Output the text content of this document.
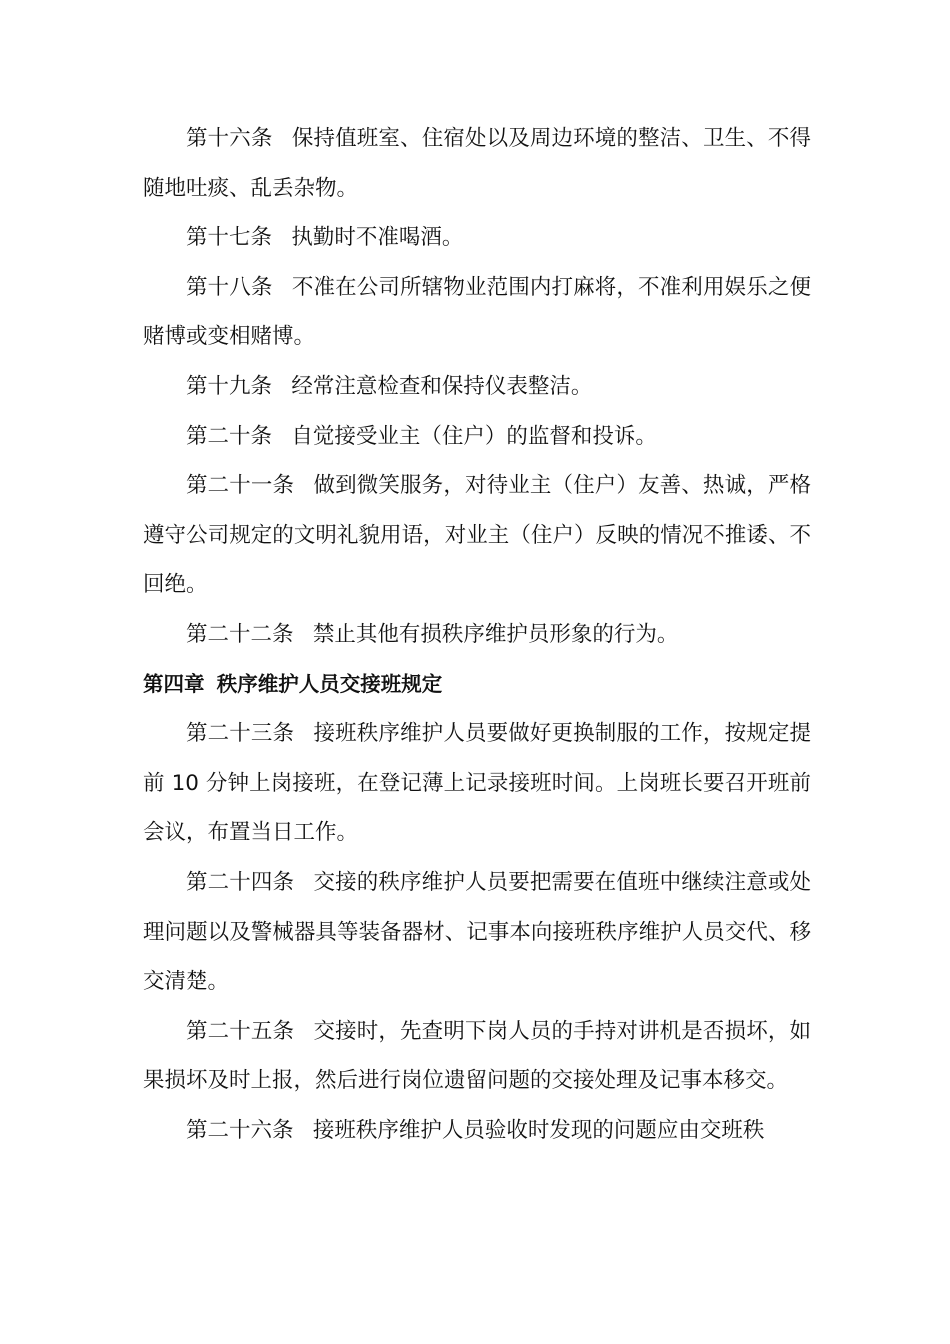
第十六条 保持值班室、住宿处以及周边环境的整洁、卫生、不得随地吐痰、乱丢杂物。

第十七条 执勤时不准喝酒。

第十八条 不准在公司所辖物业范围内打麻将，不准利用娱乐之便赌博或变相赌博。

第十九条 经常注意检查和保持仪表整洁。

第二十条 自觉接受业主（住户）的监督和投诉。

第二十一条 做到微笑服务，对待业主（住户）友善、热诚，严格遵守公司规定的文明礼貌用语，对业主（住户）反映的情况不推诿、不回绝。

第二十二条 禁止其他有损秩序维护员形象的行为。

第四章 秩序维护人员交接班规定

第二十三条 接班秩序维护人员要做好更换制服的工作，按规定提前 10 分钟上岗接班，在登记薄上记录接班时间。上岗班长要召开班前会议，布置当日工作。

第二十四条 交接的秩序维护人员要把需要在值班中继续注意或处理问题以及警械器具等装备器材、记事本向接班秩序维护人员交代、移交清楚。

第二十五条 交接时，先查明下岗人员的手持对讲机是否损坏，如果损坏及时上报，然后进行岗位遗留问题的交接处理及记事本移交。

第二十六条 接班秩序维护人员验收时发现的问题应由交班秩
